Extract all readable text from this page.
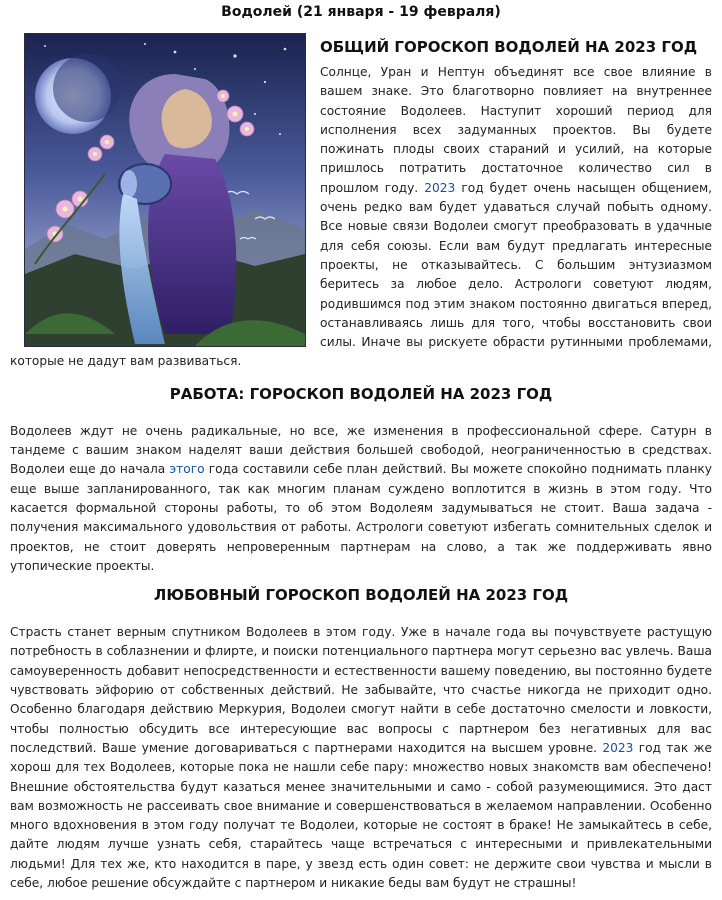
Водолей (21 января - 19 февраля)
ОБЩИЙ ГОРОСКОП ВОДОЛЕЙ НА 2023 ГОД

Солнце, Уран и Нептун объединят все свое влияние в вашем знаке. Это благотворно повлияет на внутреннее состояние Водолеев. Наступит хороший период для исполнения всех задуманных проектов. Вы будете пожинать плоды своих стараний и усилий, на которые пришлось потратить достаточное количество сил в прошлом году. 2023 год будет очень насыщен общением, очень редко вам будет удаваться случай побыть одному. Все новые связи Водолеи смогут преобразовать в удачные для себя союзы. Если вам будут предлагать интересные проекты, не отказывайтесь. С большим энтузиазмом беритесь за любое дело. Астрологи советуют людям, родившимся под этим знаком постоянно двигаться вперед, останавливаясь лишь для того, чтобы восстановить свои силы. Иначе вы рискуете обрасти рутинными проблемами, которые не дадут вам развиваться.

РАБОТА: ГОРОСКОП ВОДОЛЕЙ НА 2023 ГОД

Водолеев ждут не очень радикальные, но все, же изменения в профессиональной сфере. Сатурн в тандеме с вашим знаком наделят ваши действия большей свободой, неограниченностью в средствах. Водолеи еще до начала этого года составили себе план действий. Вы можете спокойно поднимать планку еще выше запланированного, так как многим планам суждено воплотится в жизнь в этом году. Что касается формальной стороны работы, то об этом Водолеям задумываться не стоит. Ваша задача - получения максимального удовольствия от работы. Астрологи советуют избегать сомнительных сделок и проектов, не стоит доверять непроверенным партнерам на слово, а так же поддерживать явно утопические проекты.

ЛЮБОВНЫЙ ГОРОСКОП ВОДОЛЕЙ НА 2023 ГОД

Страсть станет верным спутником Водолеев в этом году. Уже в начале года вы почувствуете растущую потребность в соблазнении и флирте, и поиски потенциального партнера могут серьезно вас увлечь. Ваша самоуверенность добавит непосредственности и естественности вашему поведению, вы постоянно будете чувствовать эйфорию от собственных действий. Не забывайте, что счастье никогда не приходит одно. Особенно благодаря действию Меркурия, Водолеи смогут найти в себе достаточно смелости и ловкости, чтобы полностью обсудить все интересующие вас вопросы с партнером без негативных для вас последствий. Ваше умение договариваться с партнерами находится на высшем уровне. 2023 год так же хорош для тех Водолеев, которые пока не нашли себе пару: множество новых знакомств вам обеспечено! Внешние обстоятельства будут казаться менее значительными и само - собой разумеющимися. Это даст вам возможность не рассеивать свое внимание и совершенствоваться в желаемом направлении. Особенно много вдохновения в этом году получат те Водолеи, которые не состоят в браке! Не замыкайтесь в себе, дайте людям лучше узнать себя, старайтесь чаще встречаться с интересными и привлекательными людьми! Для тех же, кто находится в паре, у звезд есть один совет: не держите свои чувства и мысли в себе, любое решение обсуждайте с партнером и никакие беды вам будут не страшны!
